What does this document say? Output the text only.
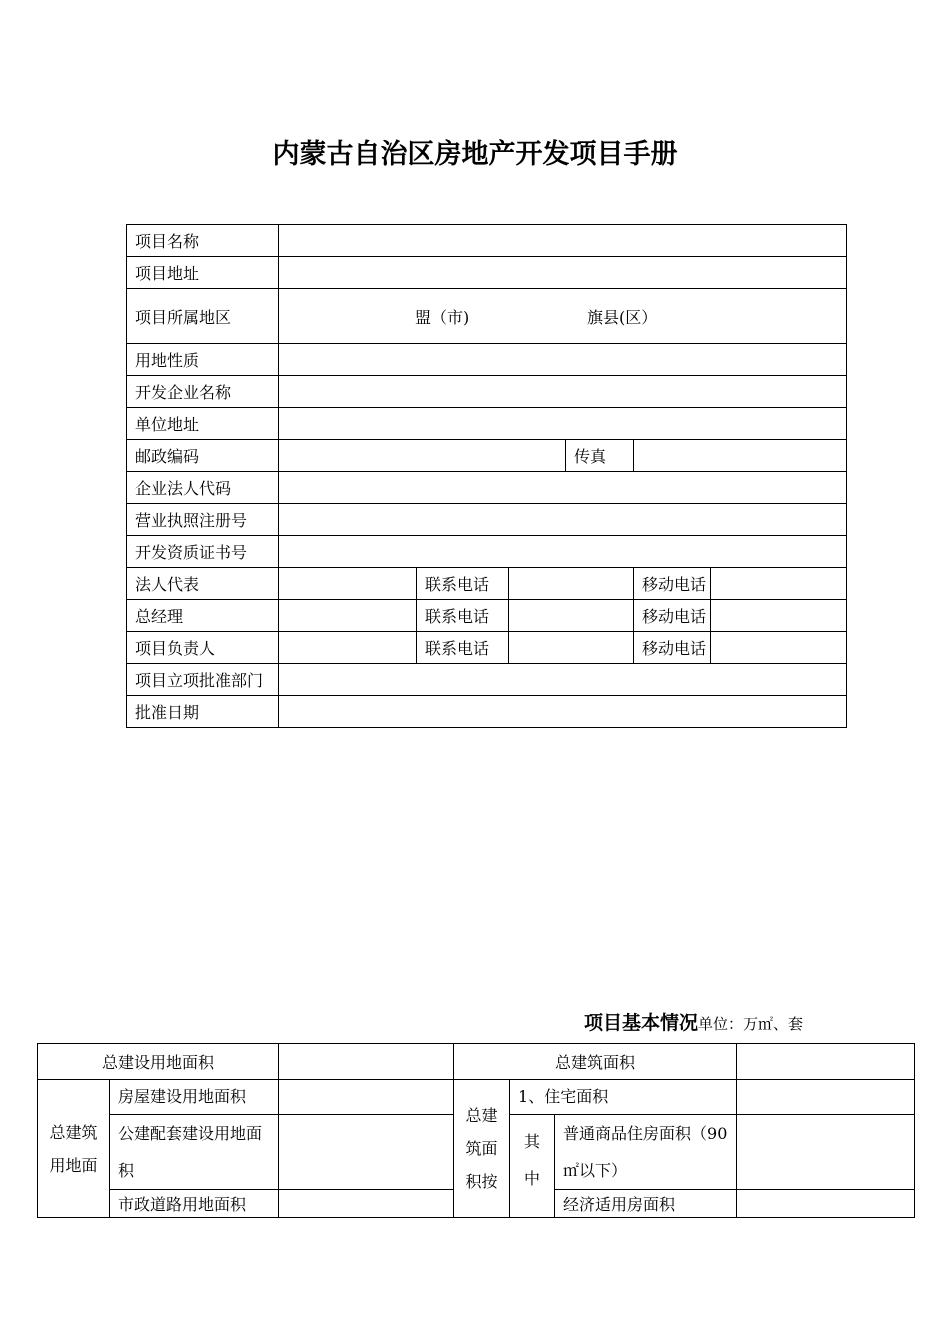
内蒙古自治区房地产开发项目手册
项目名称						
项目地址						
项目所属地区	盟（市) 旗县(区）					
用地性质						
开发企业名称						
单位地址						
邮政编码				传真		
企业法人代码						
营业执照注册号						
开发资质证书号						
法人代表		联系电话			移动电话	
总经理		联系电话			移动电话	
项目负责人		联系电话			移动电话	
项目立项批准部门						
批准日期						
项目基本情况单位：万㎡、套
总建设用地面积			总建筑面积			
总建筑用地面	房屋建设用地面积		总建筑面积按	1、住宅面积		
	公建配套建设用地面积			其中	普通商品住房面积（90㎡以下）	
	市政道路用地面积				经济适用房面积	
